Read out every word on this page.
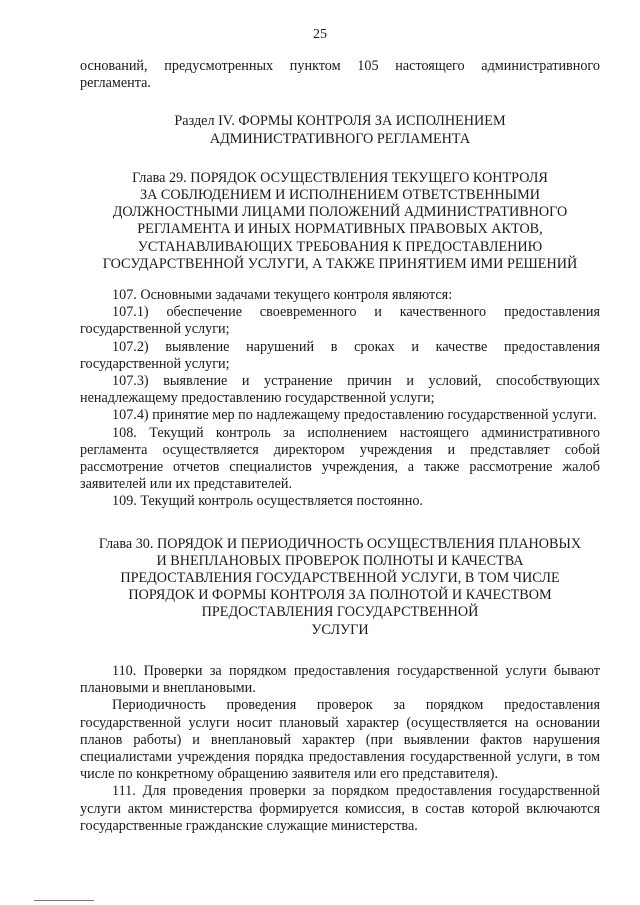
25

оснований, предусмотренных пунктом 105 настоящего административного

регламента.

Раздел IV. ФОРМЫ КОНТРОЛЯ ЗА ИСПОЛНЕНИЕМ

АДМИНИСТРАТИВНОГО РЕГЛАМЕНТА

Глава 29. ПОРЯДОК ОСУЩЕСТВЛЕНИЯ ТЕКУЩЕГО КОНТРОЛЯ

ЗА СОБЛЮДЕНИЕМ И ИСПОЛНЕНИЕМ ОТВЕТСТВЕННЫМИ

ДОЛЖНОСТНЫМИ ЛИЦАМИ ПОЛОЖЕНИЙ АДМИНИСТРАТИВНОГО

РЕГЛАМЕНТА И ИНЫХ НОРМАТИВНЫХ ПРАВОВЫХ АКТОВ,

УСТАНАВЛИВАЮЩИХ ТРЕБОВАНИЯ К ПРЕДОСТАВЛЕНИЮ

ГОСУДАРСТВЕННОЙ УСЛУГИ, А ТАКЖЕ ПРИНЯТИЕМ ИМИ РЕШЕНИЙ

107. Основными задачами текущего контроля являются:

107.1) обеспечение своевременного и качественного предоставления государственной услуги;

107.2) выявление нарушений в сроках и качестве предоставления государственной услуги;

107.3) выявление и устранение причин и условий, способствующих ненадлежащему предоставлению государственной услуги;

107.4) принятие мер по надлежащему предоставлению государственной услуги.

108. Текущий контроль за исполнением настоящего административного регламента осуществляется директором учреждения и представляет собой рассмотрение отчетов специалистов учреждения, а также рассмотрение жалоб заявителей или их представителей.

109. Текущий контроль осуществляется постоянно.

Глава 30. ПОРЯДОК И ПЕРИОДИЧНОСТЬ ОСУЩЕСТВЛЕНИЯ ПЛАНОВЫХ

И ВНЕПЛАНОВЫХ ПРОВЕРОК ПОЛНОТЫ И КАЧЕСТВА

ПРЕДОСТАВЛЕНИЯ ГОСУДАРСТВЕННОЙ УСЛУГИ, В ТОМ ЧИСЛЕ

ПОРЯДОК И ФОРМЫ КОНТРОЛЯ ЗА ПОЛНОТОЙ И КАЧЕСТВОМ

ПРЕДОСТАВЛЕНИЯ ГОСУДАРСТВЕННОЙ

УСЛУГИ

110. Проверки за порядком предоставления государственной услуги бывают плановыми и внеплановыми.

Периодичность проведения проверок за порядком предоставления государственной услуги носит плановый характер (осуществляется на основании планов работы) и внеплановый характер (при выявлении фактов нарушения специалистами учреждения порядка предоставления государственной услуги, в том числе по конкретному обращению заявителя или его представителя).

111. Для проведения проверки за порядком предоставления государственной услуги актом министерства формируется комиссия, в состав которой включаются государственные гражданские служащие министерства.
